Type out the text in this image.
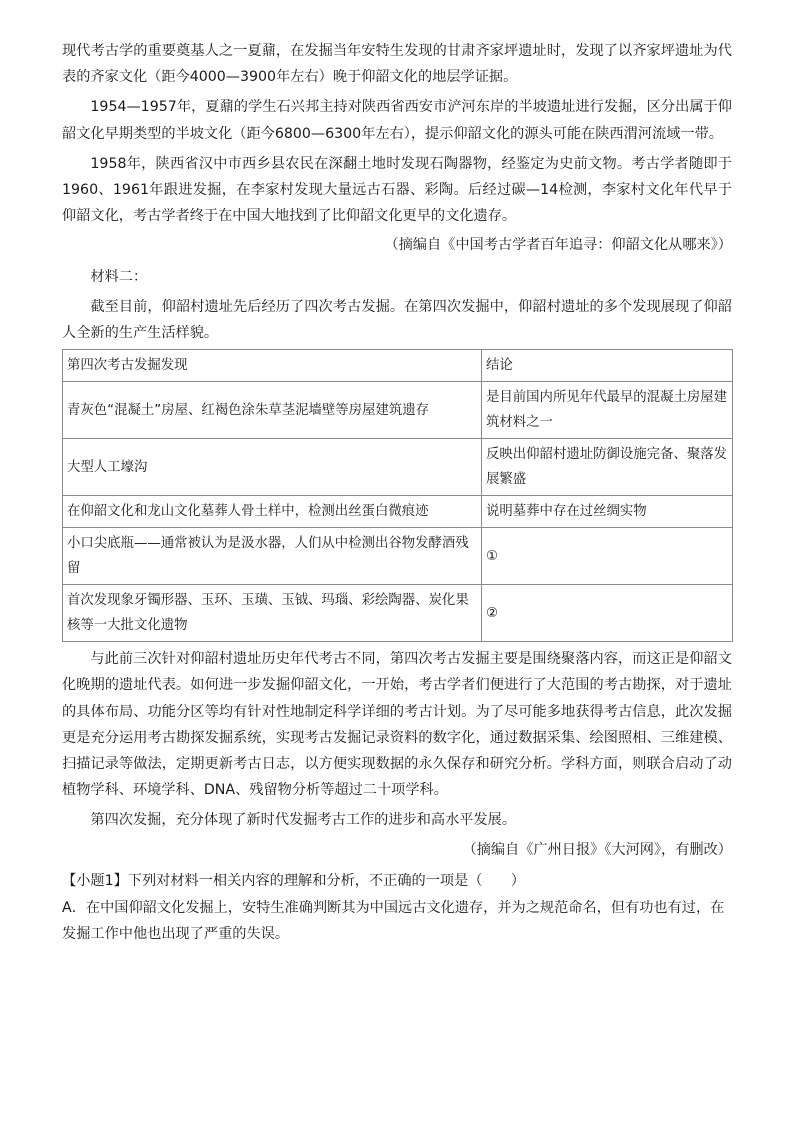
现代考古学的重要奠基人之一夏鼐，在发掘当年安特生发现的甘肃齐家坪遗址时，发现了以齐家坪遗址为代表的齐家文化（距今4000—3900年左右）晚于仰韶文化的地层学证据。

1954—1957年，夏鼐的学生石兴邦主持对陕西省西安市浐河东岸的半坡遗址进行发掘，区分出属于仰韶文化早期类型的半坡文化（距今6800—6300年左右），提示仰韶文化的源头可能在陕西渭河流域一带。

1958年，陕西省汉中市西乡县农民在深翻土地时发现石陶器物，经鉴定为史前文物。考古学者随即于1960、1961年跟进发掘，在李家村发现大量远古石器、彩陶。后经过碳—14检测，李家村文化年代早于仰韶文化，考古学者终于在中国大地找到了比仰韶文化更早的文化遗存。

（摘编自《中国考古学者百年追寻：仰韶文化从哪来》）

材料二：

截至目前，仰韶村遗址先后经历了四次考古发掘。在第四次发掘中，仰韶村遗址的多个发现展现了仰韶人全新的生产生活样貌。

第四次考古发掘发现	结论
青灰色“混凝土”房屋、红褐色涂朱草茎泥墙壁等房屋建筑遗存	是目前国内所见年代最早的混凝土房屋建筑材料之一
大型人工壕沟	反映出仰韶村遗址防御设施完备、聚落发展繁盛
在仰韶文化和龙山文化墓葬人骨土样中，检测出丝蛋白微痕迹	说明墓葬中存在过丝绸实物
小口尖底瓶——通常被认为是汲水器，人们从中检测出谷物发酵酒残留	①
首次发现象牙镯形器、玉环、玉璜、玉钺、玛瑙、彩绘陶器、炭化果核等一大批文化遗物	②

与此前三次针对仰韶村遗址历史年代考古不同，第四次考古发掘主要是围绕聚落内容，而这正是仰韶文化晚期的遗址代表。如何进一步发掘仰韶文化，一开始，考古学者们便进行了大范围的考古勘探，对于遗址的具体布局、功能分区等均有针对性地制定科学详细的考古计划。为了尽可能多地获得考古信息，此次发掘更是充分运用考古勘探发掘系统，实现考古发掘记录资料的数字化，通过数据采集、绘图照相、三维建模、扫描记录等做法，定期更新考古日志，以方便实现数据的永久保存和研究分析。学科方面，则联合启动了动植物学科、环境学科、DNA、残留物分析等超过二十项学科。

第四次发掘，充分体现了新时代发掘考古工作的进步和高水平发展。

（摘编自《广州日报》《大河网》，有删改）

【小题1】下列对材料一相关内容的理解和分析，不正确的一项是（　　）

A．在中国仰韶文化发掘上，安特生准确判断其为中国远古文化遗存，并为之规范命名，但有功也有过，在发掘工作中他也出现了严重的失误。
